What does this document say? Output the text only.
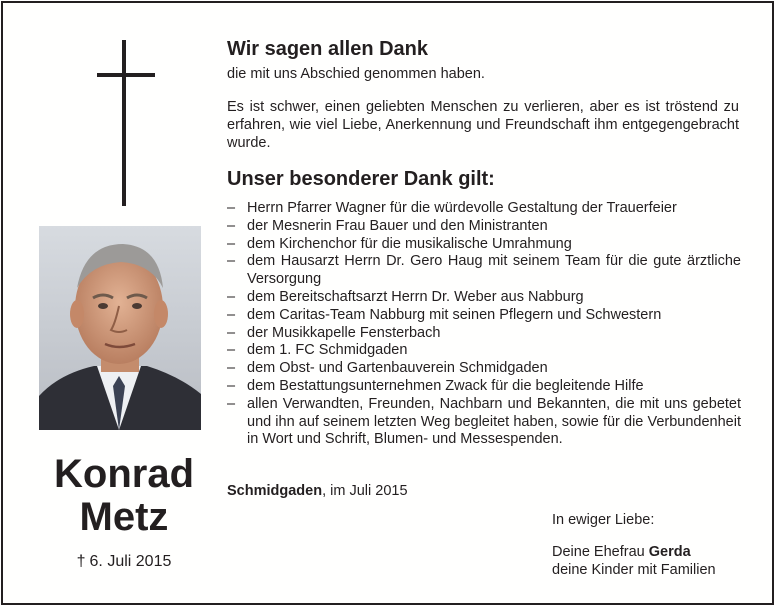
Konrad
Metz
† 6. Juli 2015
Wir sagen allen Dank
die mit uns Abschied genommen haben.
Es ist schwer, einen geliebten Menschen zu verlieren, aber es ist tröstend zu erfahren, wie viel Liebe, Anerkennung und Freundschaft ihm entgegengebracht wurde.
Unser besonderer Dank gilt:
– Herrn Pfarrer Wagner für die würdevolle Gestaltung der Trauerfeier
– der Mesnerin Frau Bauer und den Ministranten
– dem Kirchenchor für die musikalische Umrahmung
– dem Hausarzt Herrn Dr. Gero Haug mit seinem Team für die gute ärztliche Versorgung
– dem Bereitschaftsarzt Herrn Dr. Weber aus Nabburg
– dem Caritas-Team Nabburg mit seinen Pflegern und Schwestern
– der Musikkapelle Fensterbach
– dem 1. FC Schmidgaden
– dem Obst- und Gartenbauverein Schmidgaden
– dem Bestattungsunternehmen Zwack für die begleitende Hilfe
– allen Verwandten, Freunden, Nachbarn und Bekannten, die mit uns gebetet und ihn auf seinem letzten Weg begleitet haben, sowie für die Verbundenheit in Wort und Schrift, Blumen- und Messespenden.
Schmidgaden, im Juli 2015
In ewiger Liebe:
Deine Ehefrau Gerda
deine Kinder mit Familien
